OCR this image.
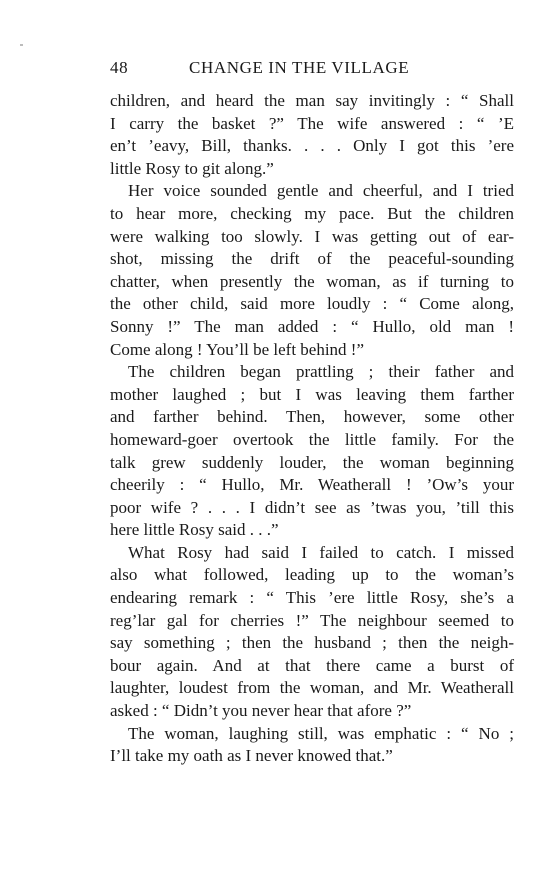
48	CHANGE IN THE VILLAGE
children, and heard the man say invitingly : “ Shall
I carry the basket ?” The wife answered : “ ’E
en’t ’eavy, Bill, thanks. . . . Only I got this ’ere
little Rosy to git along.”
Her voice sounded gentle and cheerful, and I tried
to hear more, checking my pace. But the children
were walking too slowly. I was getting out of ear-
shot, missing the drift of the peaceful-sounding
chatter, when presently the woman, as if turning to
the other child, said more loudly : “ Come along,
Sonny !” The man added : “ Hullo, old man !
Come along ! You’ll be left behind !”
The children began prattling ; their father and
mother laughed ; but I was leaving them farther
and farther behind. Then, however, some other
homeward-goer overtook the little family. For the
talk grew suddenly louder, the woman beginning
cheerily : “ Hullo, Mr. Weatherall ! ’Ow’s your
poor wife ? . . . I didn’t see as ’twas you, ’till this
here little Rosy said . . .”
What Rosy had said I failed to catch. I missed
also what followed, leading up to the woman’s
endearing remark : “ This ’ere little Rosy, she’s a
reg’lar gal for cherries !” The neighbour seemed to
say something ; then the husband ; then the neigh-
bour again. And at that there came a burst of
laughter, loudest from the woman, and Mr. Weatherall
asked : “ Didn’t you never hear that afore ?”
The woman, laughing still, was emphatic : “ No ;
I’ll take my oath as I never knowed that.”
